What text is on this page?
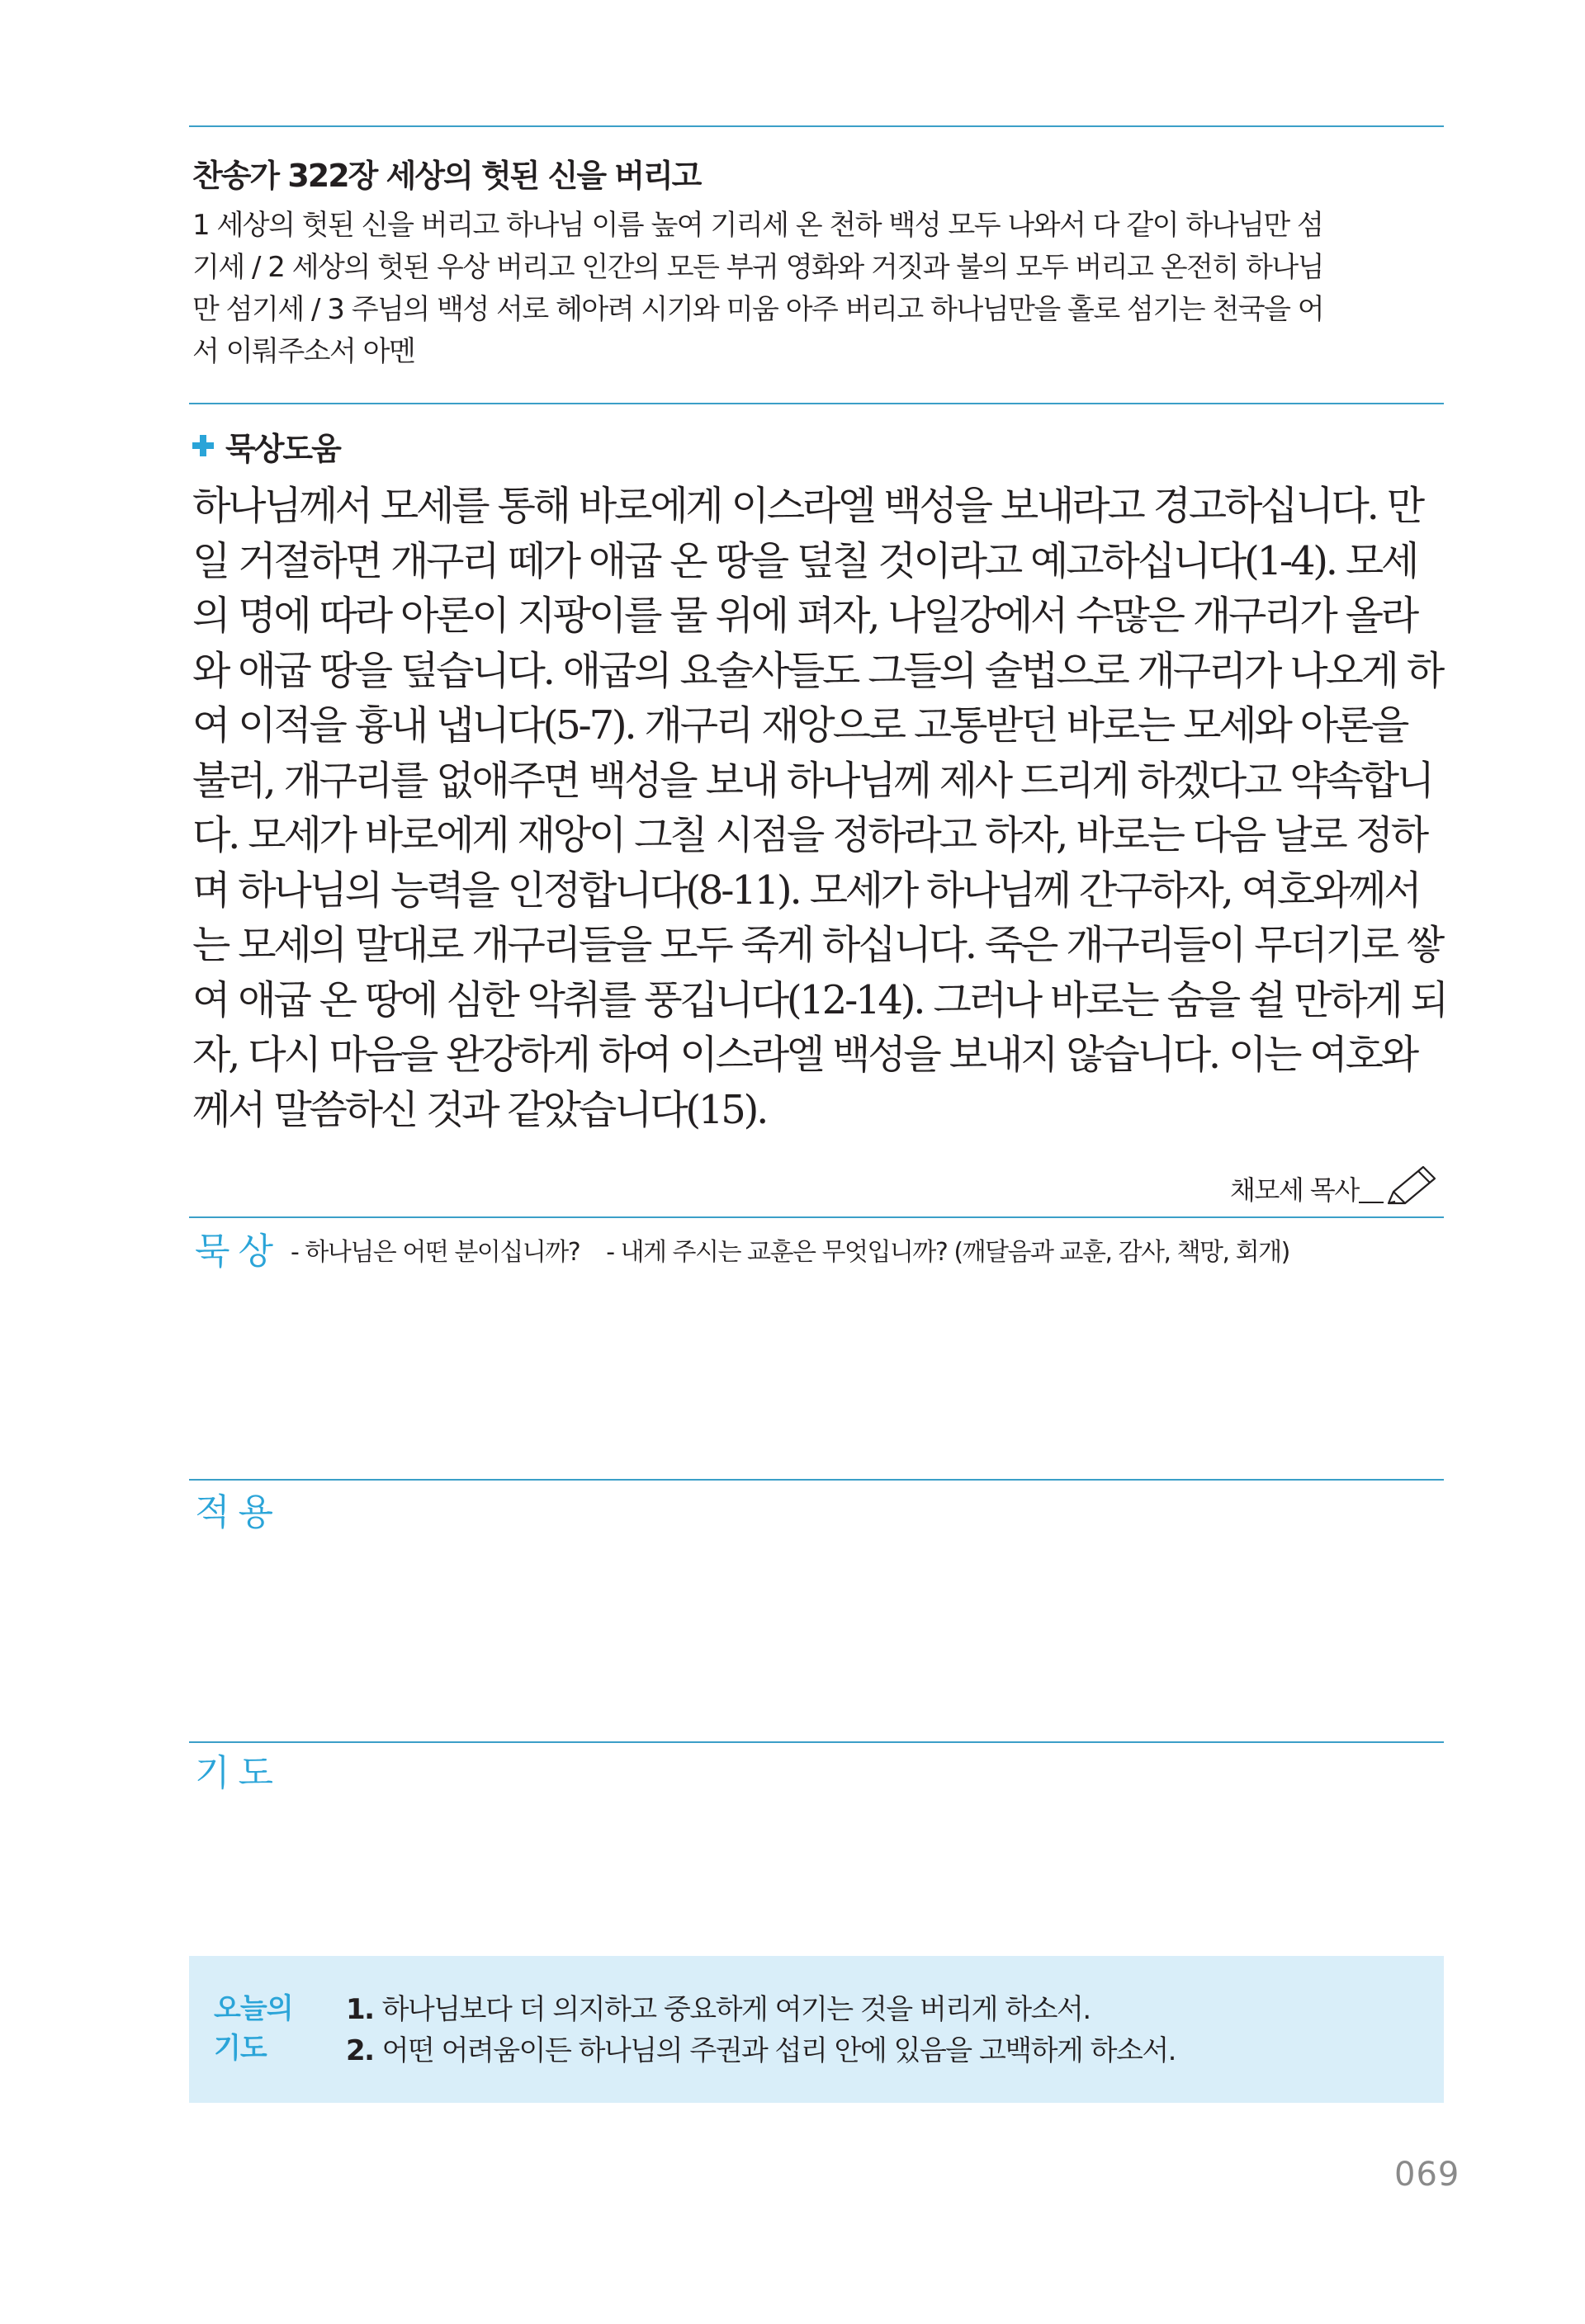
찬송가 322장 세상의 헛된 신을 버리고
1 세상의 헛된 신을 버리고 하나님 이름 높여 기리세 온 천하 백성 모두 나와서 다 같이 하나님만 섬
기세 / 2 세상의 헛된 우상 버리고 인간의 모든 부귀 영화와 거짓과 불의 모두 버리고 온전히 하나님
만 섬기세 / 3 주님의 백성 서로 헤아려 시기와 미움 아주 버리고 하나님만을 홀로 섬기는 천국을 어
서 이뤄주소서 아멘
묵상도움
하나님께서 모세를 통해 바로에게 이스라엘 백성을 보내라고 경고하십니다. 만
일 거절하면 개구리 떼가 애굽 온 땅을 덮칠 것이라고 예고하십니다(1-4). 모세
의 명에 따라 아론이 지팡이를 물 위에 펴자, 나일강에서 수많은 개구리가 올라
와 애굽 땅을 덮습니다. 애굽의 요술사들도 그들의 술법으로 개구리가 나오게 하
여 이적을 흉내 냅니다(5-7). 개구리 재앙으로 고통받던 바로는 모세와 아론을
불러, 개구리를 없애주면 백성을 보내 하나님께 제사 드리게 하겠다고 약속합니
다. 모세가 바로에게 재앙이 그칠 시점을 정하라고 하자, 바로는 다음 날로 정하
며 하나님의 능력을 인정합니다(8-11). 모세가 하나님께 간구하자, 여호와께서
는 모세의 말대로 개구리들을 모두 죽게 하십니다. 죽은 개구리들이 무더기로 쌓
여 애굽 온 땅에 심한 악취를 풍깁니다(12-14). 그러나 바로는 숨을 쉴 만하게 되
자, 다시 마음을 완강하게 하여 이스라엘 백성을 보내지 않습니다. 이는 여호와
께서 말씀하신 것과 같았습니다(15).
채모세 목사
묵상 - 하나님은 어떤 분이십니까? - 내게 주시는 교훈은 무엇입니까? (깨달음과 교훈, 감사, 책망, 회개)
적용
기도
오늘의
기도
1. 하나님보다 더 의지하고 중요하게 여기는 것을 버리게 하소서.
2. 어떤 어려움이든 하나님의 주권과 섭리 안에 있음을 고백하게 하소서.
069
